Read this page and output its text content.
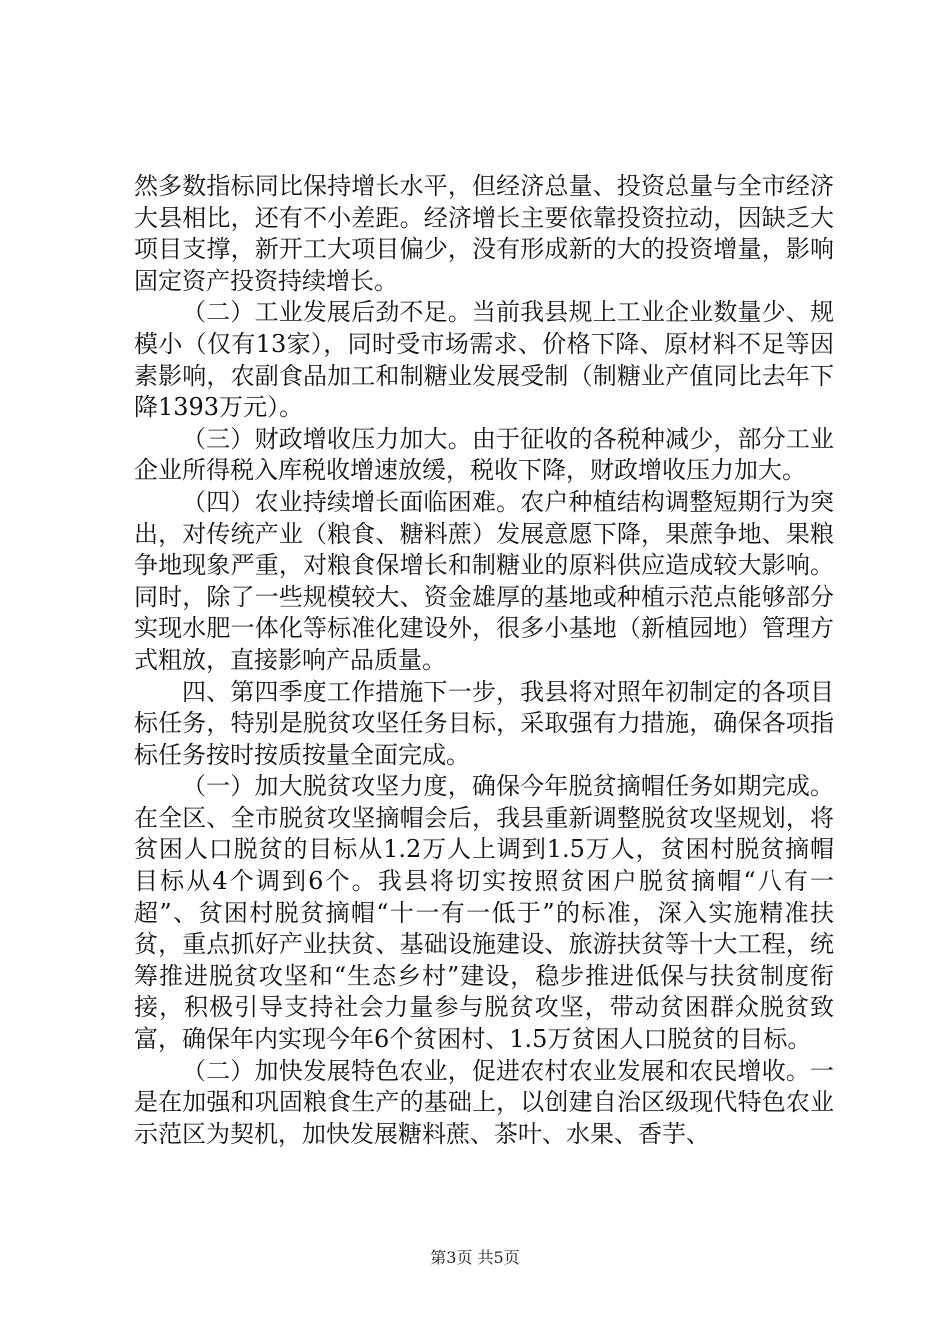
然多数指标同比保持增长水平，但经济总量、投资总量与全市经济大县相比，还有不小差距。经济增长主要依靠投资拉动，因缺乏大项目支撑，新开工大项目偏少，没有形成新的大的投资增量，影响固定资产投资持续增长。

（二）工业发展后劲不足。当前我县规上工业企业数量少、规模小（仅有13家），同时受市场需求、价格下降、原材料不足等因素影响，农副食品加工和制糖业发展受制（制糖业产值同比去年下降1393万元）。

（三）财政增收压力加大。由于征收的各税种减少，部分工业企业所得税入库税收增速放缓，税收下降，财政增收压力加大。

（四）农业持续增长面临困难。农户种植结构调整短期行为突出，对传统产业（粮食、糖料蔗）发展意愿下降，果蔗争地、果粮争地现象严重，对粮食保增长和制糖业的原料供应造成较大影响。同时，除了一些规模较大、资金雄厚的基地或种植示范点能够部分实现水肥一体化等标准化建设外，很多小基地（新植园地）管理方式粗放，直接影响产品质量。

四、第四季度工作措施下一步，我县将对照年初制定的各项目标任务，特别是脱贫攻坚任务目标，采取强有力措施，确保各项指标任务按时按质按量全面完成。

（一）加大脱贫攻坚力度，确保今年脱贫摘帽任务如期完成。在全区、全市脱贫攻坚摘帽会后，我县重新调整脱贫攻坚规划，将贫困人口脱贫的目标从1.2万人上调到1.5万人，贫困村脱贫摘帽目标从4个调到6个。我县将切实按照贫困户脱贫摘帽“八有一超”、贫困村脱贫摘帽“十一有一低于”的标准，深入实施精准扶贫，重点抓好产业扶贫、基础设施建设、旅游扶贫等十大工程，统筹推进脱贫攻坚和“生态乡村”建设，稳步推进低保与扶贫制度衔接，积极引导支持社会力量参与脱贫攻坚，带动贫困群众脱贫致富，确保年内实现今年6个贫困村、1.5万贫困人口脱贫的目标。

（二）加快发展特色农业，促进农村农业发展和农民增收。一是在加强和巩固粮食生产的基础上，以创建自治区级现代特色农业示范区为契机，加快发展糖料蔗、茶叶、水果、香芋、

第3页 共5页
